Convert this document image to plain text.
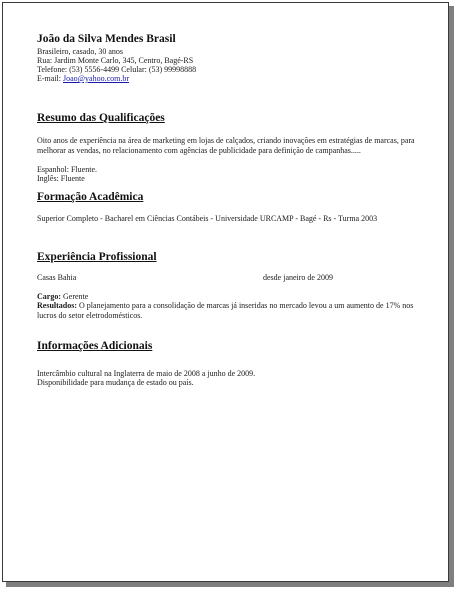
João da Silva Mendes Brasil

Brasileiro, casado, 30 anos

Rua: Jardim Monte Carlo, 345, Centro, Bagé-RS

Telefone: (53) 5556-4499 Celular: (53) 99998888

E-mail: Joao@yahoo.com.br

Resumo das Qualificações

Oito anos de experiência na área de marketing em lojas de calçados, criando inovações em estratégias de marcas, para melhorar as vendas, no relacionamento com agências de publicidade para definição de campanhas.....

Espanhol: Fluente.

Inglês: Fluente

Formação Acadêmica

Superior Completo - Bacharel em Ciências Contábeis - Universidade URCAMP - Bagé - Rs - Turma 2003

Experiência Profissional

Casas Bahia	desde janeiro de 2009

Cargo: Gerente

Resultados: O planejamento para a consolidação de marcas já inseridas no mercado levou a um aumento de 17% nos lucros do setor eletrodomésticos.

Informações Adicionais

Intercâmbio cultural na Inglaterra de maio de 2008 a junho de 2009.

Disponibilidade para mudança de estado ou país.
